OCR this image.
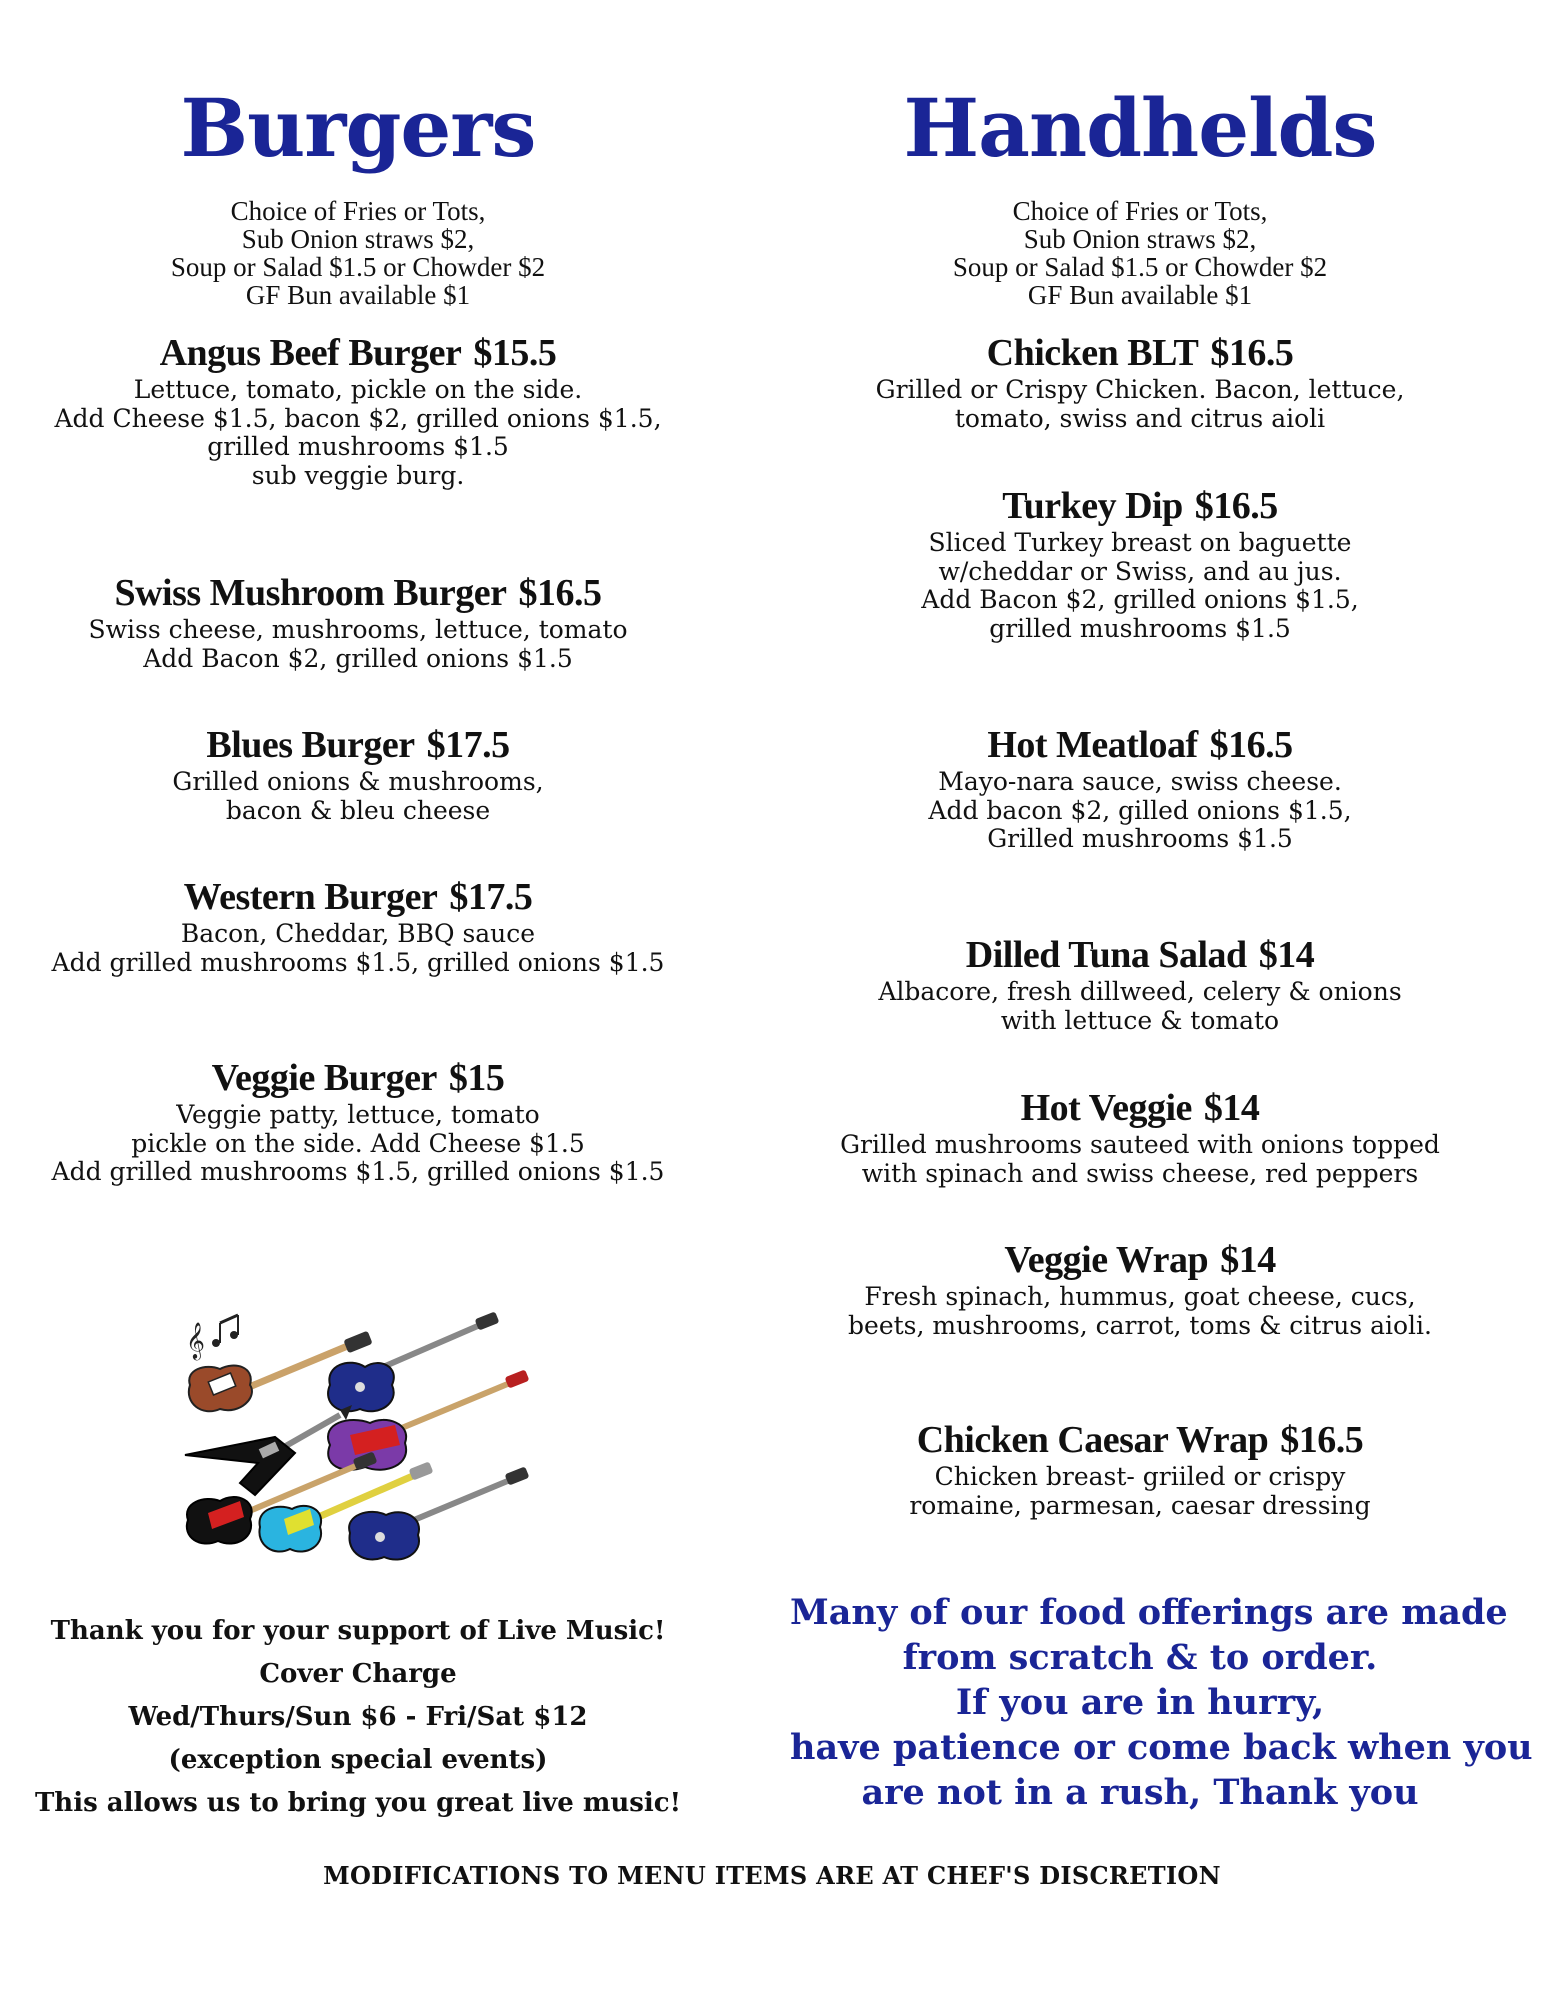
Burgers
Choice of Fries or Tots,
Sub Onion straws $2,
Soup or Salad $1.5 or Chowder $2
GF Bun available $1
Angus Beef Burger $15.5
Lettuce, tomato, pickle on the side.
Add Cheese $1.5, bacon $2, grilled onions $1.5,
grilled mushrooms $1.5
sub veggie burg.
Swiss Mushroom Burger $16.5
Swiss cheese, mushrooms, lettuce, tomato
Add Bacon $2, grilled onions $1.5
Blues Burger $17.5
Grilled onions & mushrooms,
bacon & bleu cheese
Western Burger $17.5
Bacon, Cheddar, BBQ sauce
Add grilled mushrooms $1.5, grilled onions $1.5
Veggie Burger $15
Veggie patty, lettuce, tomato
pickle on the side. Add Cheese $1.5
Add grilled mushrooms $1.5, grilled onions $1.5
𝄞
Thank you for your support of Live Music!
Cover Charge
Wed/Thurs/Sun $6 - Fri/Sat $12
(exception special events)
This allows us to bring you great live music!
Handhelds
Choice of Fries or Tots,
Sub Onion straws $2,
Soup or Salad $1.5 or Chowder $2
GF Bun available $1
Chicken BLT $16.5
Grilled or Crispy Chicken. Bacon, lettuce,
tomato, swiss and citrus aioli
Turkey Dip $16.5
Sliced Turkey breast on baguette
w/cheddar or Swiss, and au jus.
Add Bacon $2, grilled onions $1.5,
grilled mushrooms $1.5
Hot Meatloaf $16.5
Mayo-nara sauce, swiss cheese.
Add bacon $2, gilled onions $1.5,
Grilled mushrooms $1.5
Dilled Tuna Salad $14
Albacore, fresh dillweed, celery & onions
with lettuce & tomato
Hot Veggie $14
Grilled mushrooms sauteed with onions topped
with spinach and swiss cheese, red peppers
Veggie Wrap $14
Fresh spinach, hummus, goat cheese, cucs,
beets, mushrooms, carrot, toms & citrus aioli.
Chicken Caesar Wrap $16.5
Chicken breast- griiled or crispy
romaine, parmesan, caesar dressing
Many of our food offerings are made
from scratch & to order.
If you are in hurry,
have patience or come back when you
are not in a rush, Thank you
MODIFICATIONS TO MENU ITEMS ARE AT CHEF'S DISCRETION
